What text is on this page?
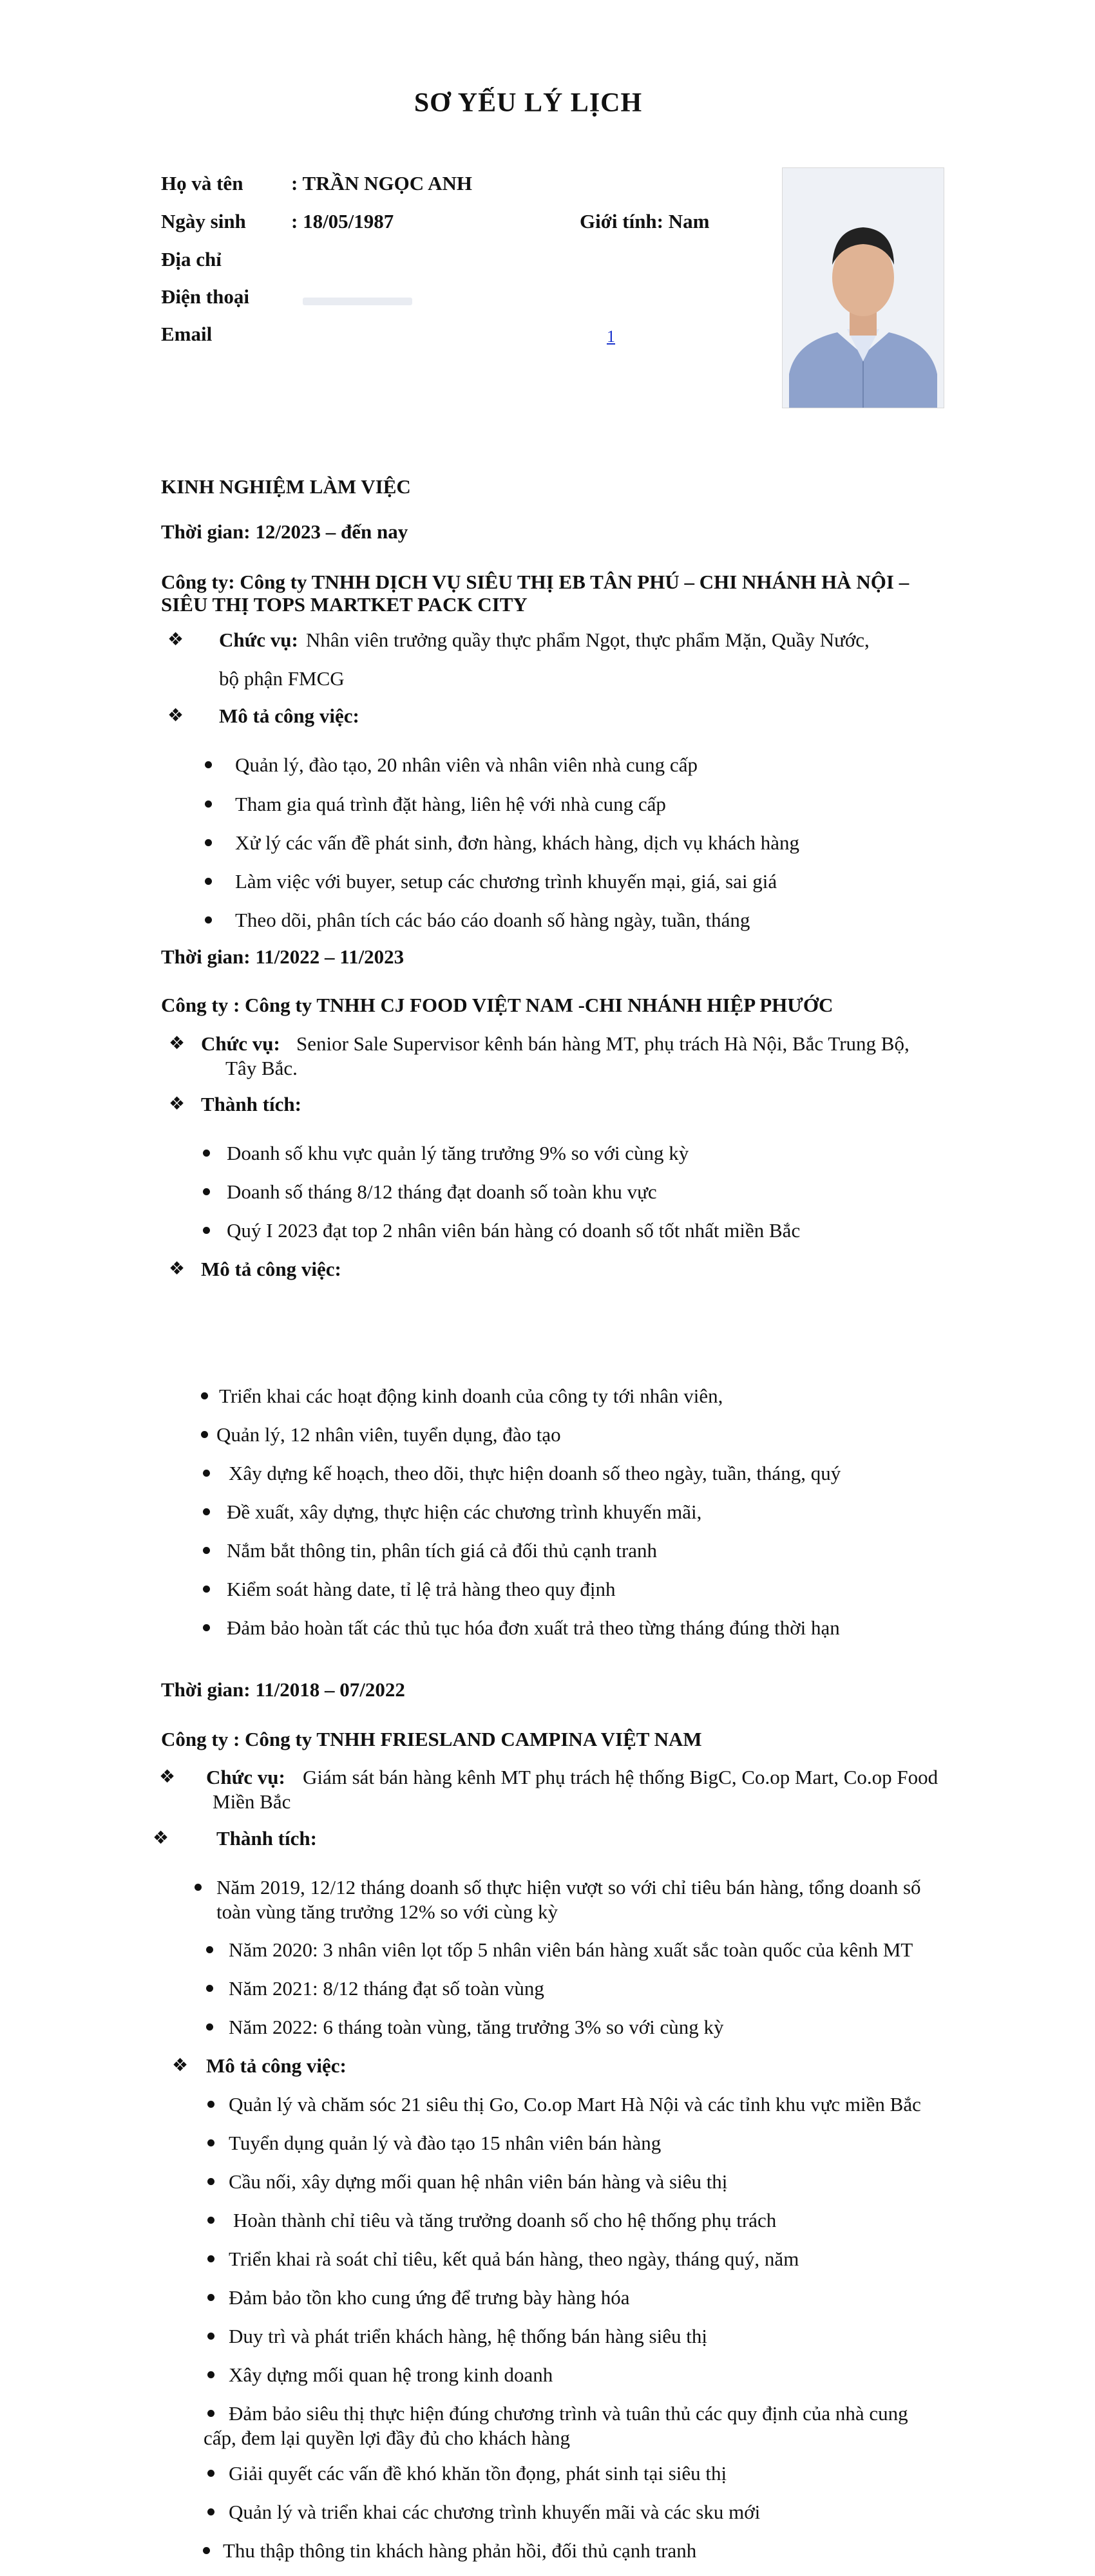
SƠ YẾU LÝ LỊCH
Họ và tên : TRẦN NGỌC ANH
Ngày sinh : 18/05/1987	Giới tính: Nam
Địa chỉ
Điện thoại
Email	1
KINH NGHIỆM LÀM VIỆC
Thời gian: 12/2023 – đến nay
Công ty: Công ty TNHH DỊCH VỤ SIÊU THỊ EB TÂN PHÚ – CHI NHÁNH HÀ NỘI –
SIÊU THỊ TOPS MARTKET PACK CITY
❖ Chức vụ: Nhân viên trưởng quầy thực phẩm Ngọt, thực phẩm Mặn, Quầy Nước,
bộ phận FMCG
❖ Mô tả công việc:
Quản lý, đào tạo, 20 nhân viên và nhân viên nhà cung cấp
Tham gia quá trình đặt hàng, liên hệ với nhà cung cấp
Xử lý các vấn đề phát sinh, đơn hàng, khách hàng, dịch vụ khách hàng
Làm việc với buyer, setup các chương trình khuyến mại, giá, sai giá
Theo dõi, phân tích các báo cáo doanh số hàng ngày, tuần, tháng
Thời gian: 11/2022 – 11/2023
Công ty : Công ty TNHH CJ FOOD VIỆT NAM -CHI NHÁNH HIỆP PHƯỚC
❖ Chức vụ: Senior Sale Supervisor kênh bán hàng MT, phụ trách Hà Nội, Bắc Trung Bộ,
Tây Bắc.
❖ Thành tích:
Doanh số khu vực quản lý tăng trưởng 9% so với cùng kỳ
Doanh số tháng 8/12 tháng đạt doanh số toàn khu vực
Quý I 2023 đạt top 2 nhân viên bán hàng có doanh số tốt nhất miền Bắc
❖ Mô tả công việc:
Triển khai các hoạt động kinh doanh của công ty tới nhân viên,
Quản lý, 12 nhân viên, tuyển dụng, đào tạo
Xây dựng kế hoạch, theo dõi, thực hiện doanh số theo ngày, tuần, tháng, quý
Đề xuất, xây dựng, thực hiện các chương trình khuyến mãi,
Nắm bắt thông tin, phân tích giá cả đối thủ cạnh tranh
Kiểm soát hàng date, tỉ lệ trả hàng theo quy định
Đảm bảo hoàn tất các thủ tục hóa đơn xuất trả theo từng tháng đúng thời hạn
Thời gian: 11/2018 – 07/2022
Công ty : Công ty TNHH FRIESLAND CAMPINA VIỆT NAM
❖ Chức vụ: Giám sát bán hàng kênh MT phụ trách hệ thống BigC, Co.op Mart, Co.op Food
Miền Bắc
❖ Thành tích:
Năm 2019, 12/12 tháng doanh số thực hiện vượt so với chỉ tiêu bán hàng, tổng doanh số
toàn vùng tăng trưởng 12% so với cùng kỳ
Năm 2020: 3 nhân viên lọt tốp 5 nhân viên bán hàng xuất sắc toàn quốc của kênh MT
Năm 2021: 8/12 tháng đạt số toàn vùng
Năm 2022: 6 tháng toàn vùng, tăng trưởng 3% so với cùng kỳ
❖ Mô tả công việc:
Quản lý và chăm sóc 21 siêu thị Go, Co.op Mart Hà Nội và các tỉnh khu vực miền Bắc
Tuyển dụng quản lý và đào tạo 15 nhân viên bán hàng
Cầu nối, xây dựng mối quan hệ nhân viên bán hàng và siêu thị
Hoàn thành chỉ tiêu và tăng trưởng doanh số cho hệ thống phụ trách
Triển khai rà soát chỉ tiêu, kết quả bán hàng, theo ngày, tháng quý, năm
Đảm bảo tồn kho cung ứng để trưng bày hàng hóa
Duy trì và phát triển khách hàng, hệ thống bán hàng siêu thị
Xây dựng mối quan hệ trong kinh doanh
Đảm bảo siêu thị thực hiện đúng chương trình và tuân thủ các quy định của nhà cung
cấp, đem lại quyền lợi đầy đủ cho khách hàng
Giải quyết các vấn đề khó khăn tồn đọng, phát sinh tại siêu thị
Quản lý và triển khai các chương trình khuyến mãi và các sku mới
Thu thập thông tin khách hàng phản hồi, đối thủ cạnh tranh
